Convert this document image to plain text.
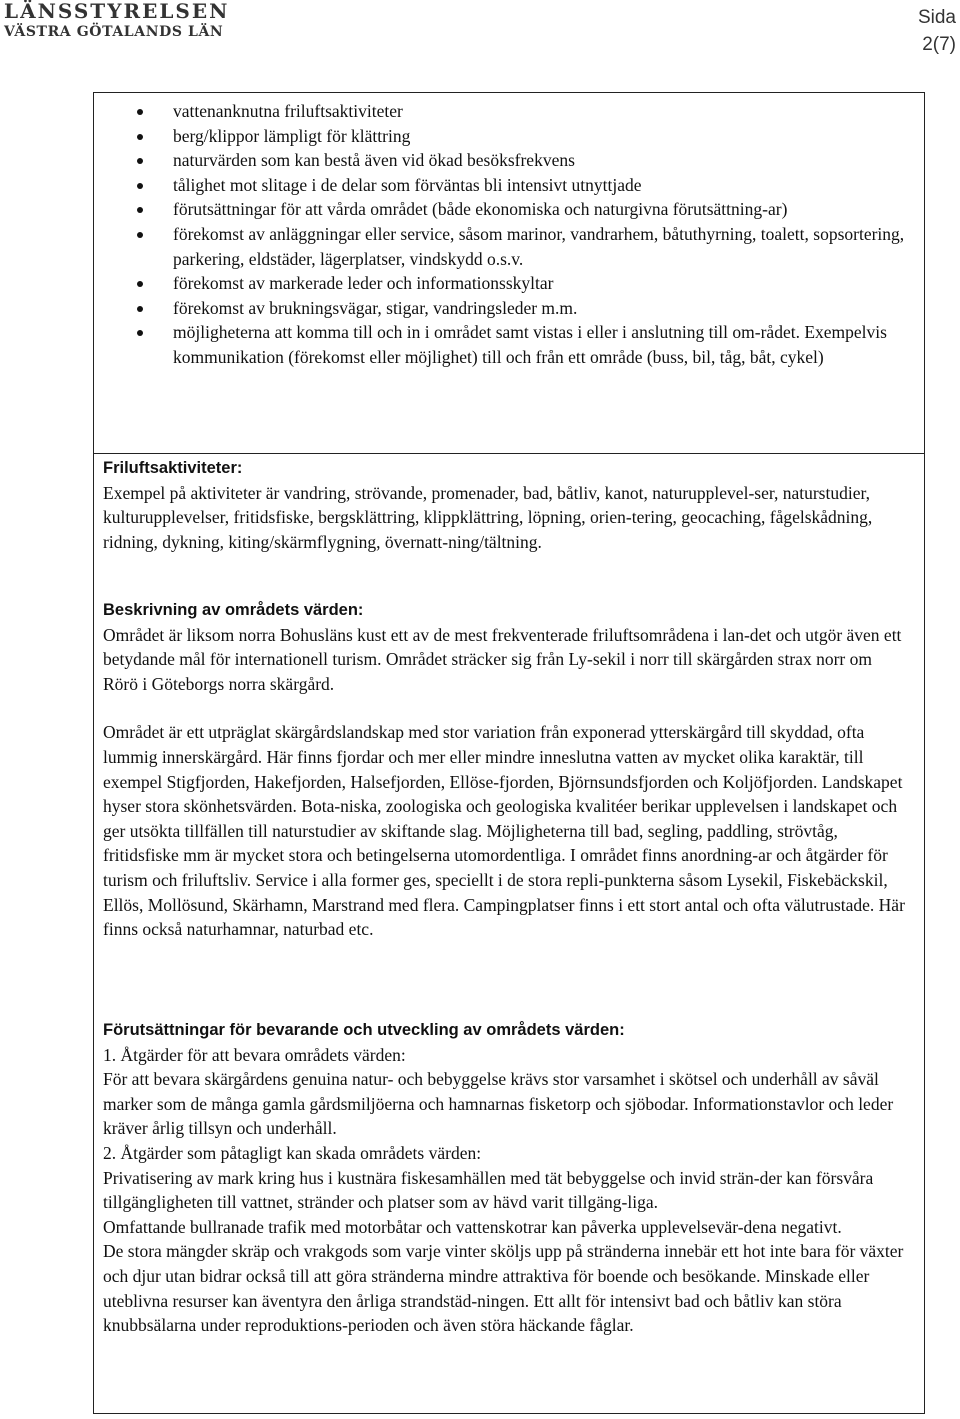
LÄNSSTYRELSEN
VÄSTRA GÖTALANDS LÄN
Sida
2(7)
vattenanknutna friluftsaktiviteter
berg/klippor lämpligt för klättring
naturvärden som kan bestå även vid ökad besöksfrekvens
tålighet mot slitage i de delar som förväntas bli intensivt utnyttjade
förutsättningar för att vårda området (både ekonomiska och naturgivna förutsättning-ar)
förekomst av anläggningar eller service, såsom marinor, vandrarhem, båtuthyrning, toalett, sopsortering, parkering, eldstäder, lägerplatser, vindskydd o.s.v.
förekomst av markerade leder och informationsskyltar
förekomst av brukningsvägar, stigar, vandringsleder m.m.
möjligheterna att komma till och in i området samt vistas i eller i anslutning till om-rådet. Exempelvis kommunikation (förekomst eller möjlighet) till och från ett område (buss, bil, tåg, båt, cykel)
Friluftsaktiviteter:

Exempel på aktiviteter är vandring, strövande, promenader, bad, båtliv, kanot, naturupplevel-ser, naturstudier, kulturupplevelser, fritidsfiske, bergsklättring, klippklättring, löpning, orien-tering, geocaching, fågelskådning, ridning, dykning, kiting/skärmflygning, övernatt-ning/tältning.

Beskrivning av områdets värden:

Området är liksom norra Bohusläns kust ett av de mest frekventerade friluftsområdena i lan-det och utgör även ett betydande mål för internationell turism. Området sträcker sig från Ly-sekil i norr till skärgården strax norr om Rörö i Göteborgs norra skärgård.

Området är ett utpräglat skärgårdslandskap med stor variation från exponerad ytterskärgård till skyddad, ofta lummig innerskärgård. Här finns fjordar och mer eller mindre inneslutna vatten av mycket olika karaktär, till exempel Stigfjorden, Hakefjorden, Halsefjorden, Ellöse-fjorden, Björnsundsfjorden och Koljöfjorden. Landskapet hyser stora skönhetsvärden. Bota-niska, zoologiska och geologiska kvalitéer berikar upplevelsen i landskapet och ger utsökta tillfällen till naturstudier av skiftande slag. Möjligheterna till bad, segling, paddling, strövtåg, fritidsfiske mm är mycket stora och betingelserna utomordentliga. I området finns anordning-ar och åtgärder för turism och friluftsliv. Service i alla former ges, speciellt i de stora repli-punkterna såsom Lysekil, Fiskebäckskil, Ellös, Mollösund, Skärhamn, Marstrand med flera. Campingplatser finns i ett stort antal och ofta välutrustade. Här finns också naturhamnar, naturbad etc.

Förutsättningar för bevarande och utveckling av områdets värden:

1. Åtgärder för att bevara områdets värden:

För att bevara skärgårdens genuina natur- och bebyggelse krävs stor varsamhet i skötsel och underhåll av såväl marker som de många gamla gårdsmiljöerna och hamnarnas fisketorp och sjöbodar. Informationstavlor och leder kräver årlig tillsyn och underhåll.

2. Åtgärder som påtagligt kan skada områdets värden:

Privatisering av mark kring hus i kustnära fiskesamhällen med tät bebyggelse och invid strän-der kan försvåra tillgängligheten till vattnet, stränder och platser som av hävd varit tillgäng-liga.

Omfattande bullranade trafik med motorbåtar och vattenskotrar kan påverka upplevelsevär-dena negativt.

De stora mängder skräp och vrakgods som varje vinter sköljs upp på stränderna innebär ett hot inte bara för växter och djur utan bidrar också till att göra stränderna mindre attraktiva för boende och besökande. Minskade eller uteblivna resurser kan äventyra den årliga strandstäd-ningen. Ett allt för intensivt bad och båtliv kan störa knubbsälarna under reproduktions-perioden och även störa häckande fåglar.
